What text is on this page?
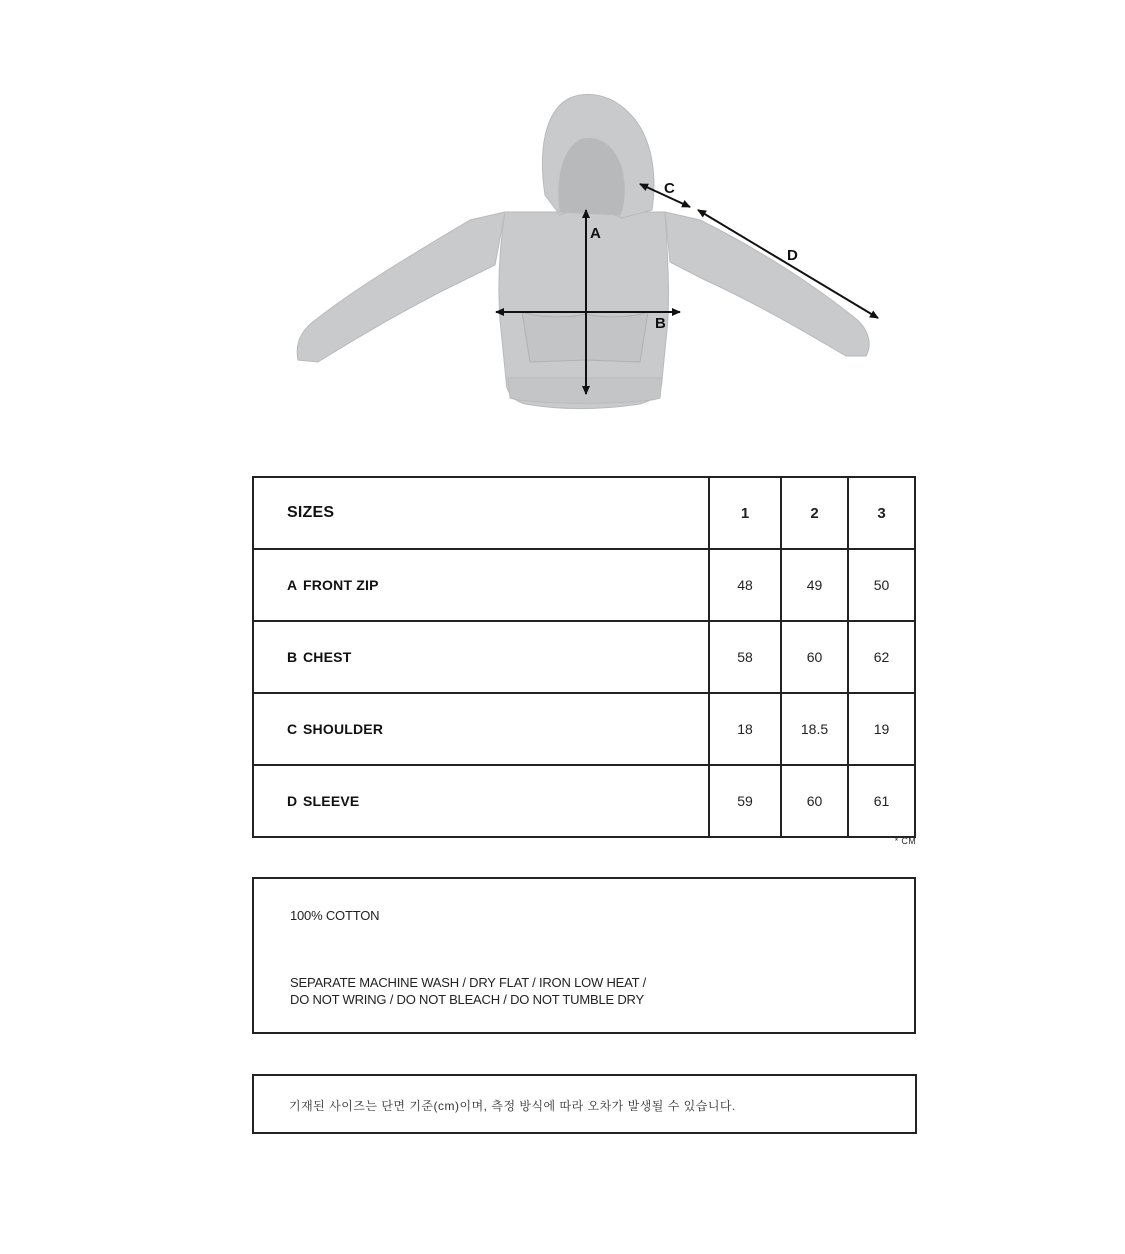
A
B
C
D
SIZES	1	2	3
A FRONT ZIP	48	49	50
B CHEST	58	60	62
C SHOULDER	18	18.5	19
D SLEEVE	59	60	61
* CM
100% COTTON
SEPARATE MACHINE WASH / DRY FLAT / IRON LOW HEAT /
DO NOT WRING / DO NOT BLEACH / DO NOT TUMBLE DRY
기재된 사이즈는 단면 기준(cm)이며, 측정 방식에 따라 오차가 발생될 수 있습니다.
